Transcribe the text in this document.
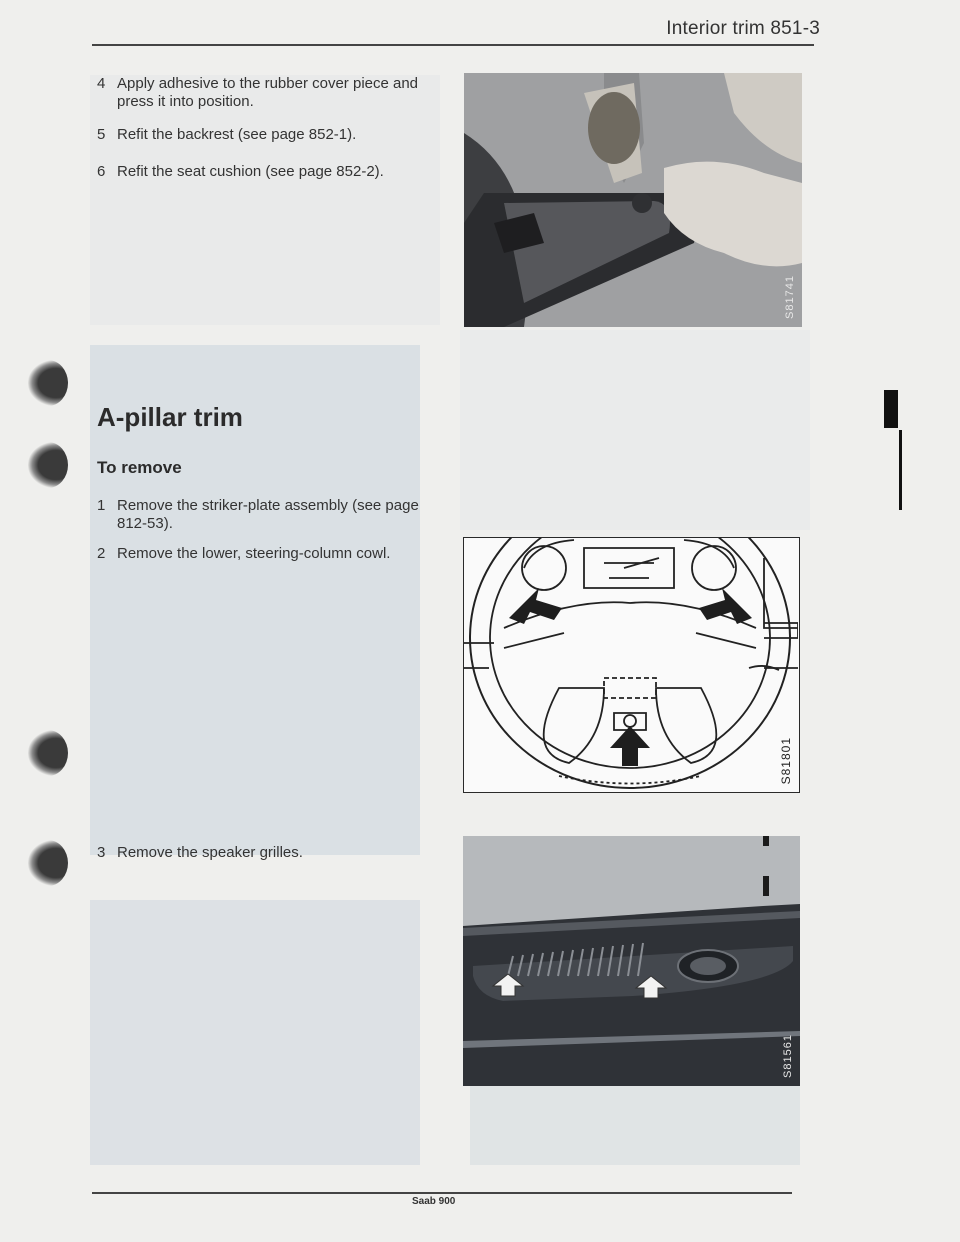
Interior trim 851-3
4 Apply adhesive to the rubber cover piece and press it into position.
5 Refit the backrest (see page 852-1).
6 Refit the seat cushion (see page 852-2).
A-pillar trim
To remove
1 Remove the striker-plate assembly (see page 812-53).
2 Remove the lower, steering-column cowl.
3 Remove the speaker grilles.
S81741
S81801
S81561
Saab 900
